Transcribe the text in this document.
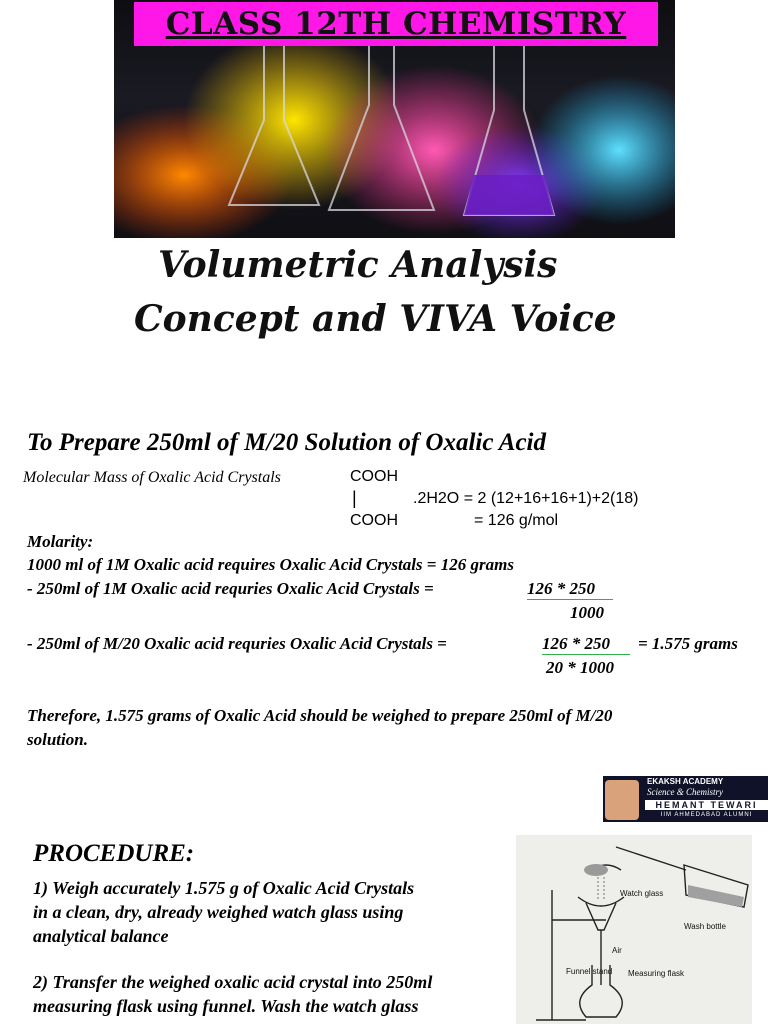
CLASS 12TH CHEMISTRY
Volumetric Analysis
Concept and VIVA Voice
To Prepare 250ml of M/20 Solution of Oxalic Acid
Molecular Mass of Oxalic Acid Crystals	COOH
|	.2H2O = 2 (12+16+16+1)+2(18)
COOH	= 126 g/mol
Molarity:
1000 ml of 1M Oxalic acid requires Oxalic Acid Crystals = 126 grams
- 250ml of 1M Oxalic acid requries Oxalic Acid Crystals =	126 * 250
1000
- 250ml of M/20 Oxalic acid requries Oxalic Acid Crystals =	126 * 250	= 1.575 grams
20 * 1000
Therefore, 1.575 grams of Oxalic Acid should be weighed to prepare 250ml of M/20
solution.
EKAKSH ACADEMY
Science & Chemistry
HEMANT TEWARI
IIM AHMEDABAD ALUMNI
PROCEDURE:
1) Weigh accurately 1.575 g of Oxalic Acid Crystals
in a clean, dry, already weighed watch glass using
analytical balance
2) Transfer the weighed oxalic acid crystal into 250ml
measuring flask using funnel. Wash the watch glass
Watch glass
Wash bottle
Air
Funnel stand Measuring flask
